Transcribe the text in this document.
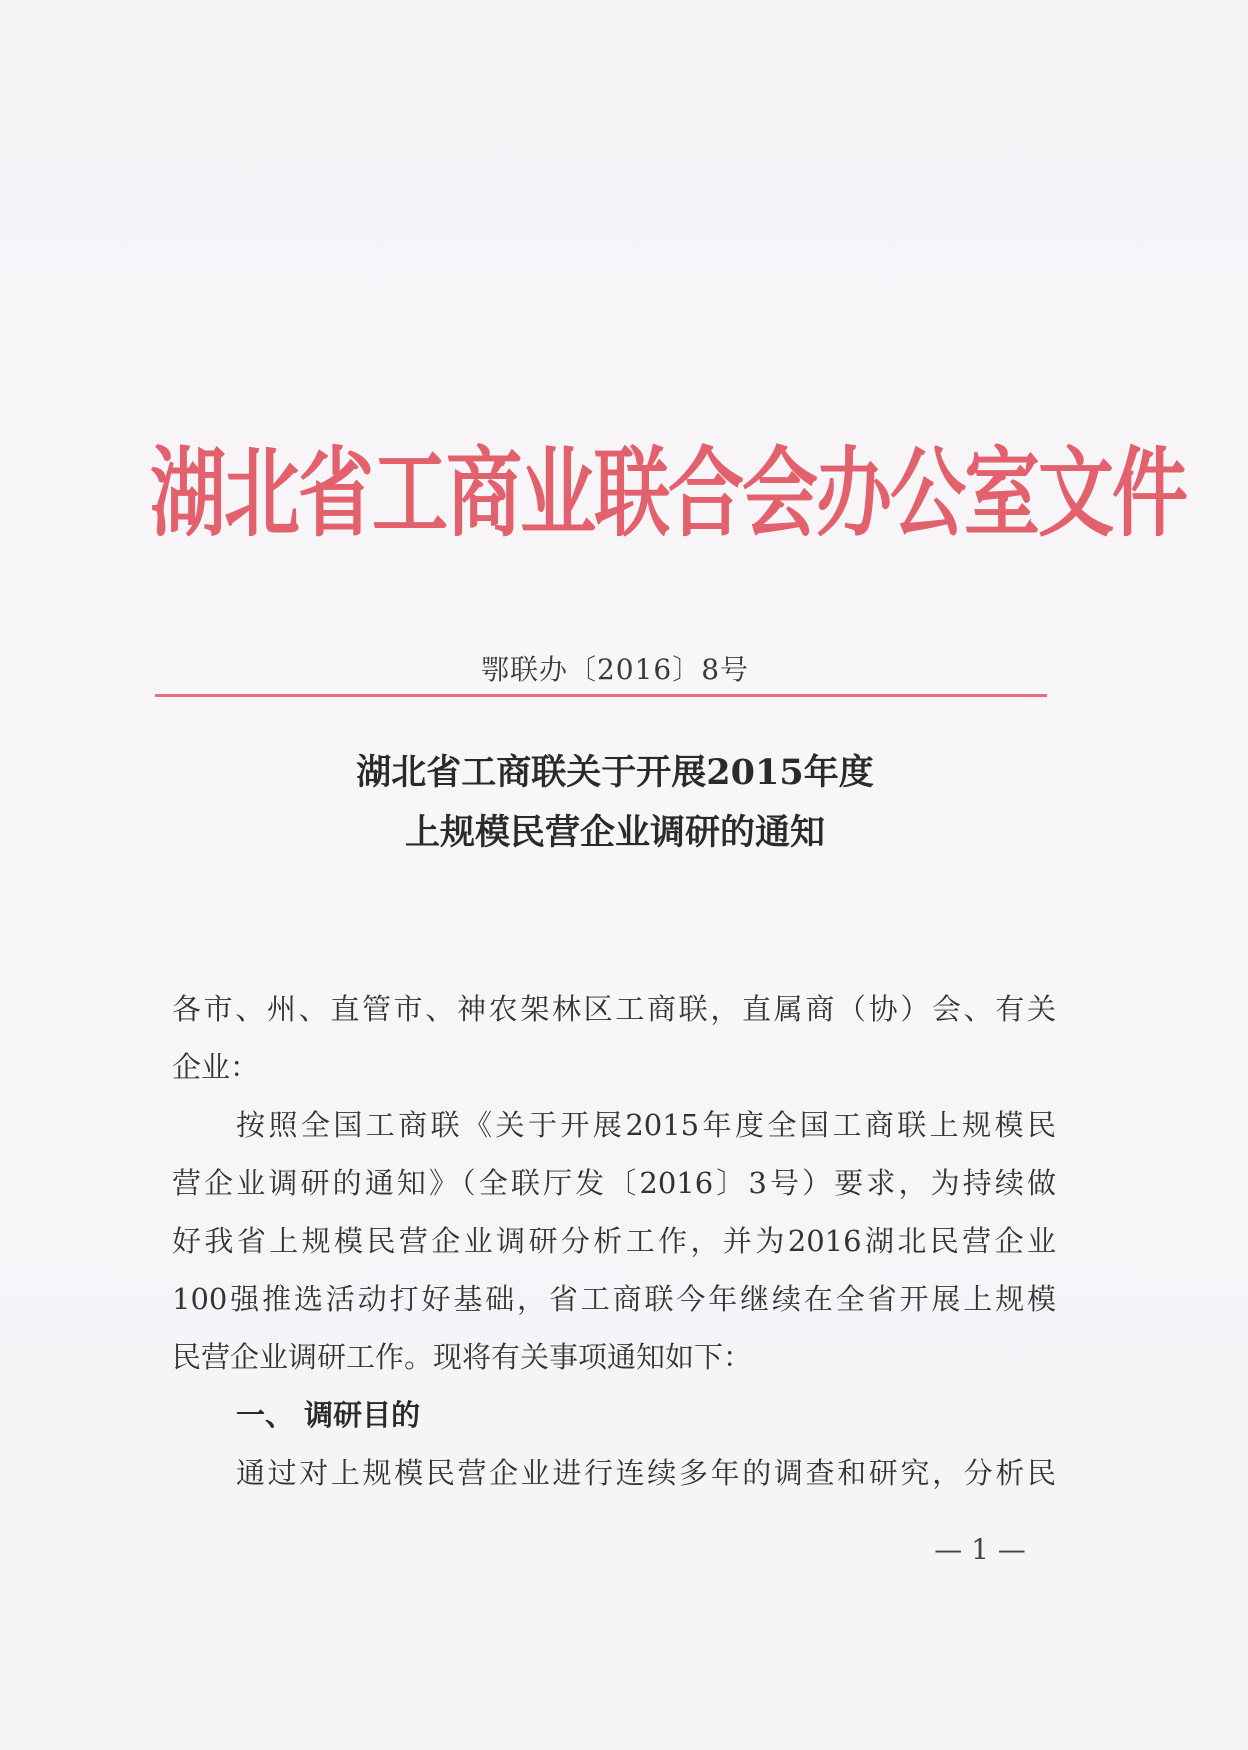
湖北省工商业联合会办公室文件
鄂联办〔2016〕8号
湖北省工商联关于开展2015年度
上规模民营企业调研的通知
各市、州、直管市、神农架林区工商联，直属商（协）会、有关
企业：
按照全国工商联《关于开展2015年度全国工商联上规模民
营企业调研的通知》（全联厅发〔2016〕3号）要求，为持续做
好我省上规模民营企业调研分析工作，并为2016湖北民营企业
100强推选活动打好基础，省工商联今年继续在全省开展上规模
民营企业调研工作。现将有关事项通知如下：
一、 调研目的
通过对上规模民营企业进行连续多年的调查和研究，分析民
— 1 —
